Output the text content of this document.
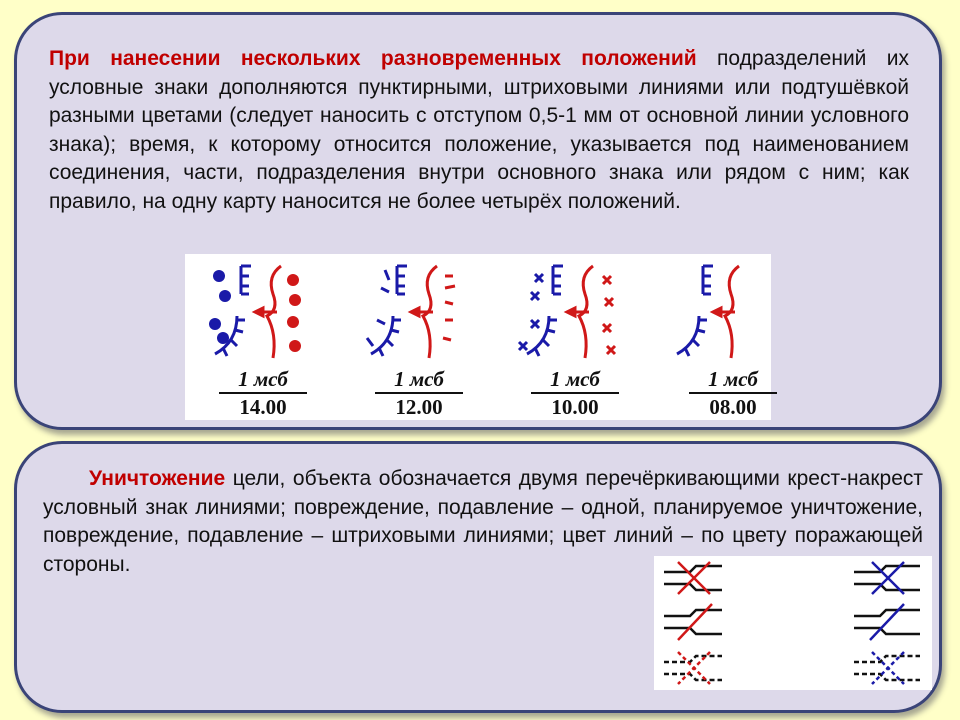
При нанесении нескольких разновременных положений подразделений их условные знаки дополняются пунктирными, штриховыми линиями или подтушёвкой разными цветами (следует наносить с отступом 0,5-1 мм от основной линии условного знака); время, к которому относится положение, указывается под наименованием соединения, части, подразделения внутри основного знака или рядом с ним; как правило, на одну карту наносится не более четырёх положений.
1 мсб
14.00
1 мсб
12.00
1 мсб
10.00
1 мсб
08.00
Уничтожение цели, объекта обозначается двумя перечёркивающими крест-накрест условный знак линиями; повреждение, подавление – одной, планируемое уничтожение, повреждение, подавление – штриховыми линиями; цвет линий – по цвету поражающей стороны.
